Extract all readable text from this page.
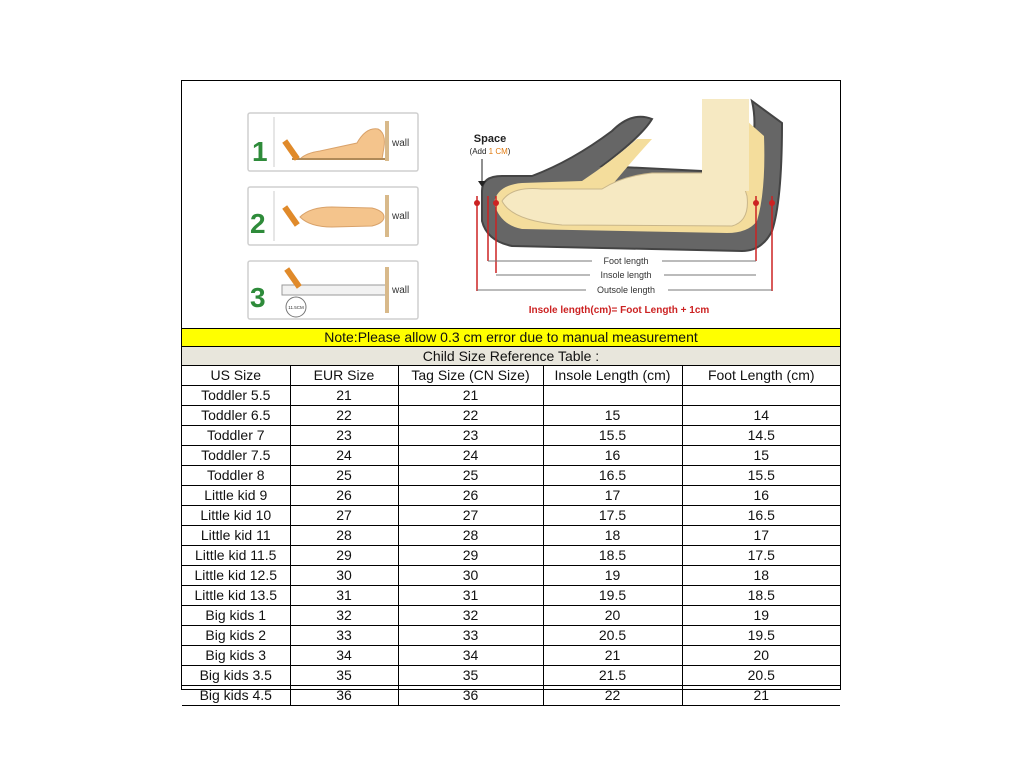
1	wall
2	wall
3	11.5CM
wall
Foot length
Insole length
Outsole length
Space
(Add 1 CM)
Insole length(cm)= Foot Length + 1cm
Note:Please allow 0.3 cm error due to manual measurement
Child Size Reference Table :
US Size	EUR Size	Tag Size (CN Size)	Insole Length (cm)	Foot Length (cm)
Toddler 5.5	21	21		
Toddler 6.5	22	22	15	14
Toddler 7	23	23	15.5	14.5
Toddler 7.5	24	24	16	15
Toddler 8	25	25	16.5	15.5
Little kid 9	26	26	17	16
Little kid 10	27	27	17.5	16.5
Little kid 11	28	28	18	17
Little kid 11.5	29	29	18.5	17.5
Little kid 12.5	30	30	19	18
Little kid 13.5	31	31	19.5	18.5
Big kids 1	32	32	20	19
Big kids 2	33	33	20.5	19.5
Big kids 3	34	34	21	20
Big kids 3.5	35	35	21.5	20.5
Big kids 4.5	36	36	22	21
